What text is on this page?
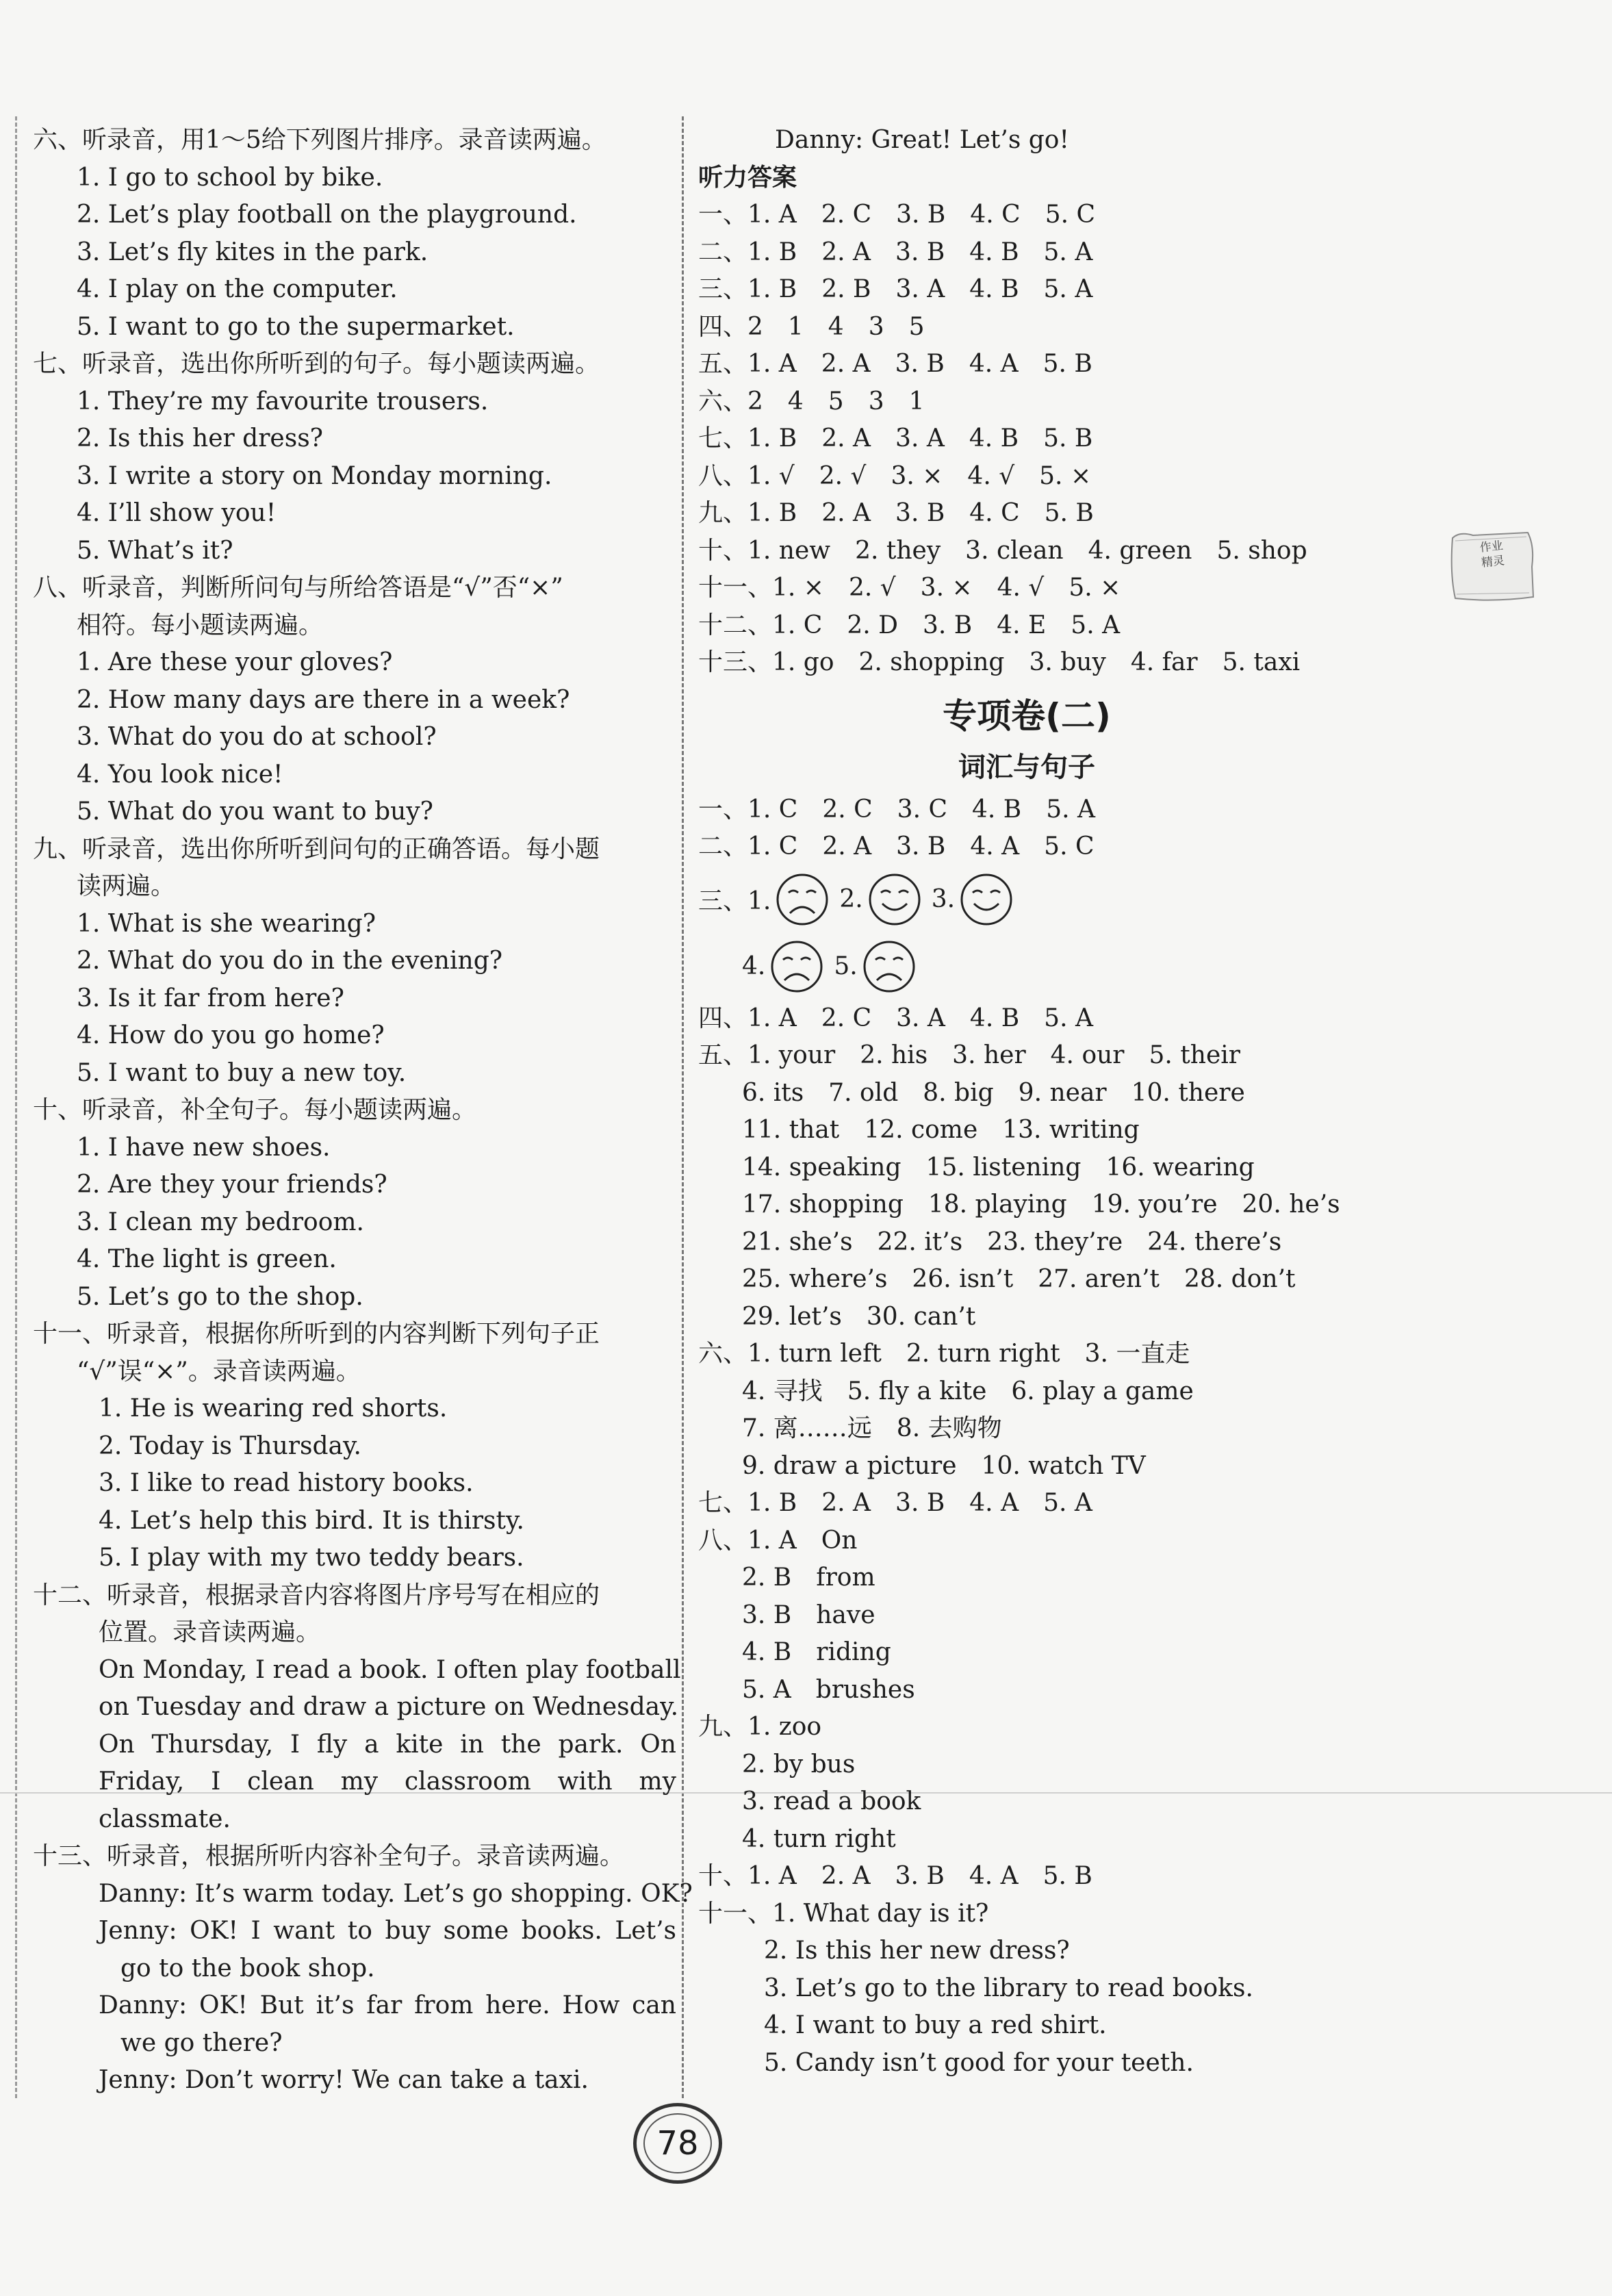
六、听录音，用1～5给下列图片排序。录音读两遍。
1. I go to school by bike.
2. Let’s play football on the playground.
3. Let’s fly kites in the park.
4. I play on the computer.
5. I want to go to the supermarket.
七、听录音，选出你所听到的句子。每小题读两遍。
1. They’re my favourite trousers.
2. Is this her dress?
3. I write a story on Monday morning.
4. I’ll show you!
5. What’s it?
八、听录音，判断所问句与所给答语是“√”否“×”
相符。每小题读两遍。
1. Are these your gloves?
2. How many days are there in a week?
3. What do you do at school?
4. You look nice!
5. What do you want to buy?
九、听录音，选出你所听到问句的正确答语。每小题
读两遍。
1. What is she wearing?
2. What do you do in the evening?
3. Is it far from here?
4. How do you go home?
5. I want to buy a new toy.
十、听录音，补全句子。每小题读两遍。
1. I have new shoes.
2. Are they your friends?
3. I clean my bedroom.
4. The light is green.
5. Let’s go to the shop.
十一、听录音，根据你所听到的内容判断下列句子正
“√”误“×”。录音读两遍。
1. He is wearing red shorts.
2. Today is Thursday.
3. I like to read history books.
4. Let’s help this bird. It is thirsty.
5. I play with my two teddy bears.
十二、听录音，根据录音内容将图片序号写在相应的
位置。录音读两遍。
On Monday, I read a book. I often play football
on Tuesday and draw a picture on Wednesday.
On Thursday, I fly a kite in the park. On
Friday, I clean my classroom with my
classmate.
十三、听录音，根据所听内容补全句子。录音读两遍。
Danny: It’s warm today. Let’s go shopping. OK?
Jenny: OK! I want to buy some books. Let’s
go to the book shop.
Danny: OK! But it’s far from here. How can
we go there?
Jenny: Don’t worry! We can take a taxi.
Danny: Great! Let’s go!
听力答案
一、1. A　2. C　3. B　4. C　5. C
二、1. B　2. A　3. B　4. B　5. A
三、1. B　2. B　3. A　4. B　5. A
四、2　1　4　3　5
五、1. A　2. A　3. B　4. A　5. B
六、2　4　5　3　1
七、1. B　2. A　3. A　4. B　5. B
八、1. √　2. √　3. ×　4. √　5. ×
九、1. B　2. A　3. B　4. C　5. B
十、1. new　2. they　3. clean　4. green　5. shop
十一、1. ×　2. √　3. ×　4. √　5. ×
十二、1. C　2. D　3. B　4. E　5. A
十三、1. go　2. shopping　3. buy　4. far　5. taxi
专项卷(二)
词汇与句子
一、1. C　2. C　3. C　4. B　5. A
二、1. C　2. A　3. B　4. A　5. C
三、1.	2.	3.
4.	5.
四、1. A　2. C　3. A　4. B　5. A
五、1. your　2. his　3. her　4. our　5. their
6. its　7. old　8. big　9. near　10. there
11. that　12. come　13. writing
14. speaking　15. listening　16. wearing
17. shopping　18. playing　19. you’re　20. he’s
21. she’s　22. it’s　23. they’re　24. there’s
25. where’s　26. isn’t　27. aren’t　28. don’t
29. let’s　30. can’t
六、1. turn left　2. turn right　3. 一直走
4. 寻找　5. fly a kite　6. play a game
7. 离……远　8. 去购物
9. draw a picture　10. watch TV
七、1. B　2. A　3. B　4. A　5. A
八、1. A　On
2. B　from
3. B　have
4. B　riding
5. A　brushes
九、1. zoo
2. by bus
3. read a book
4. turn right
十、1. A　2. A　3. B　4. A　5. B
十一、1. What day is it?
2. Is this her new dress?
3. Let’s go to the library to read books.
4. I want to buy a red shirt.
5. Candy isn’t good for your teeth.
78
作业
精灵
